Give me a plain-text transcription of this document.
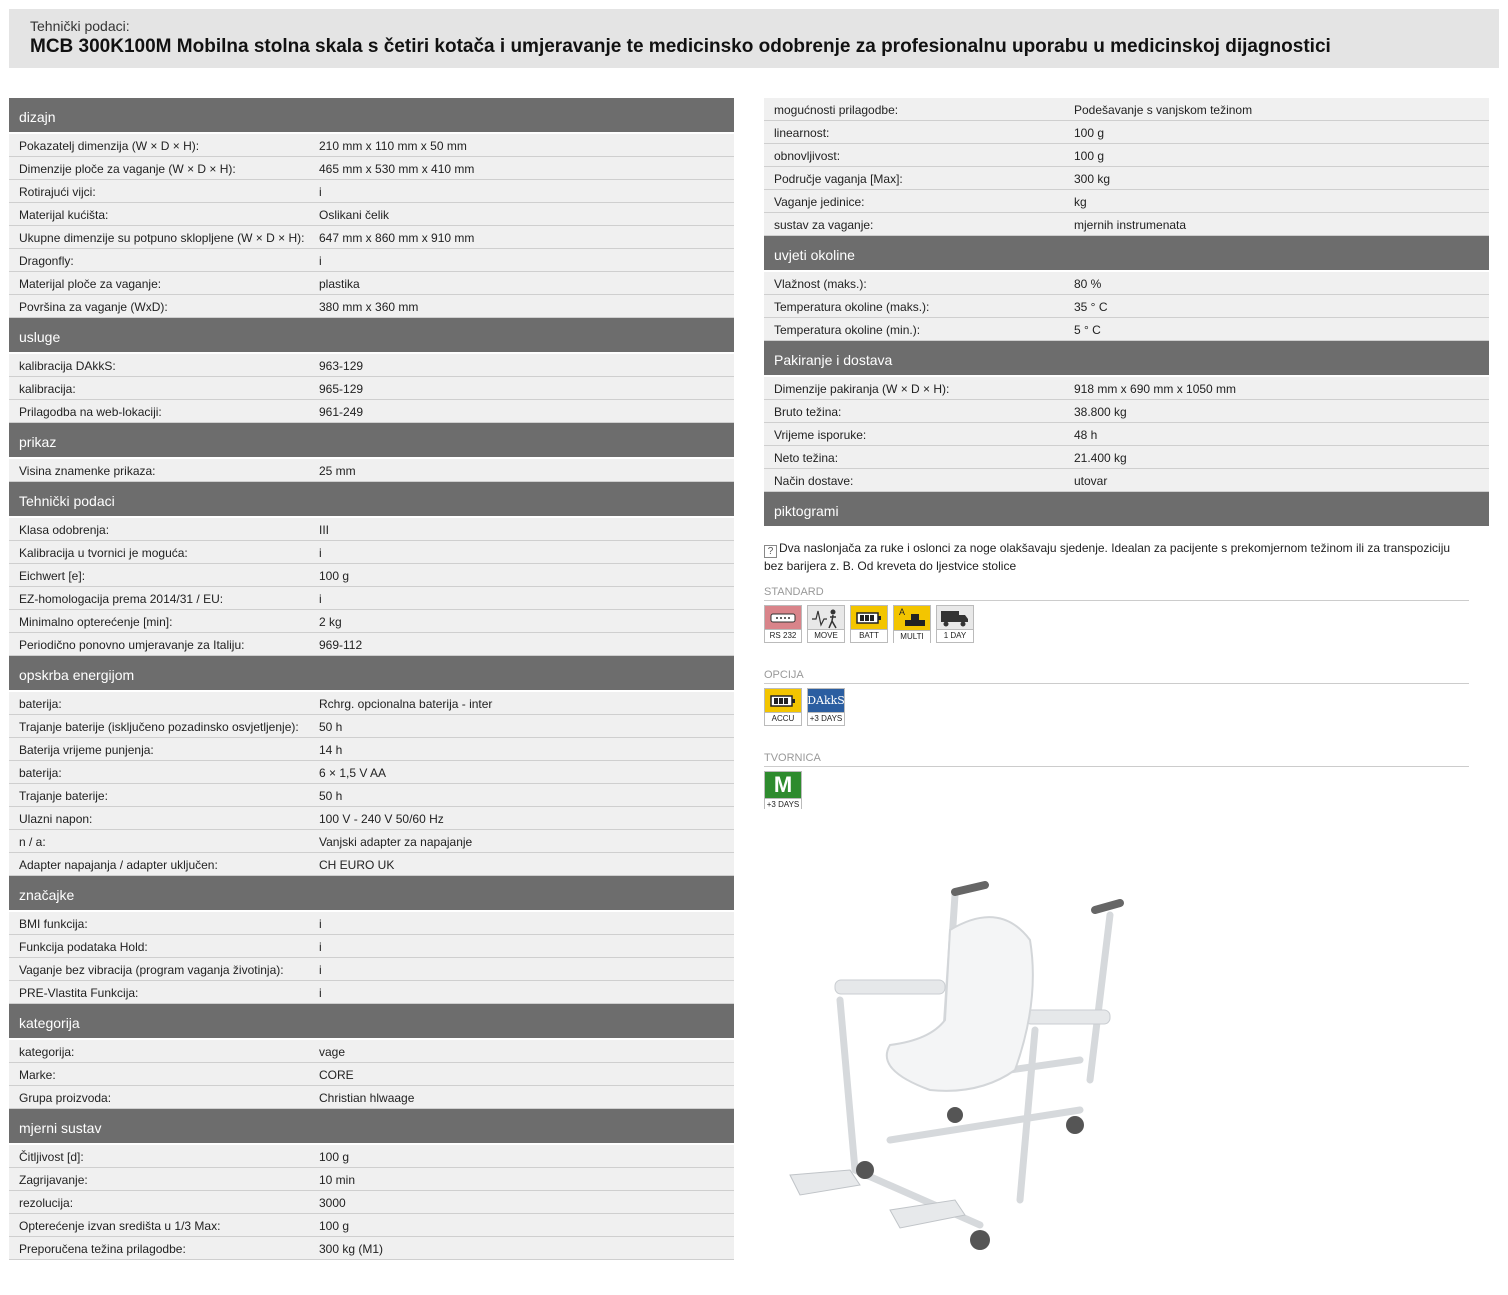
Tehnički podaci:
MCB 300K100M Mobilna stolna skala s četiri kotača i umjeravanje te medicinsko odobrenje za profesionalnu uporabu u medicinskoj dijagnostici
dizajn
Pokazatelj dimenzija (W × D × H):	210 mm x 110 mm x 50 mm
Dimenzije ploče za vaganje (W × D × H):	465 mm x 530 mm x 410 mm
Rotirajući vijci:	i
Materijal kućišta:	Oslikani čelik
Ukupne dimenzije su potpuno sklopljene (W × D × H): 647 mm x 860 mm x 910 mm
Dragonfly:	i
Materijal ploče za vaganje:	plastika
Površina za vaganje (WxD):	380 mm x 360 mm
usluge
kalibracija DAkkS:	963-129
kalibracija:	965-129
Prilagodba na web-lokaciji:	961-249
prikaz
Visina znamenke prikaza:	25 mm
Tehnički podaci
Klasa odobrenja:	III
Kalibracija u tvornici je moguća:	i
Eichwert [e]:	100 g
EZ-homologacija prema 2014/31 / EU:	i
Minimalno opterećenje [min]:	2 kg
Periodično ponovno umjeravanje za Italiju:	969-112
opskrba energijom
baterija:	Rchrg. opcionalna baterija - inter
Trajanje baterije (isključeno pozadinsko osvjetljenje): 50 h
Baterija vrijeme punjenja:	14 h
baterija:	6 × 1,5 V AA
Trajanje baterije:	50 h
Ulazni napon:	100 V - 240 V 50/60 Hz
n / a:	Vanjski adapter za napajanje
Adapter napajanja / adapter uključen:	CH EURO UK
značajke
BMI funkcija:	i
Funkcija podataka Hold:	i
Vaganje bez vibracija (program vaganja životinja):	i
PRE-Vlastita Funkcija:	i
kategorija
kategorija:	vage
Marke:	CORE
Grupa proizvoda:	Christian hlwaage
mjerni sustav
Čitljivost [d]:	100 g
Zagrijavanje:	10 min
rezolucija:	3000
Opterećenje izvan središta u 1/3 Max:	100 g
Preporučena težina prilagodbe:	300 kg (M1)
mogućnosti prilagodbe:	Podešavanje s vanjskom težinom
linearnost:	100 g
obnovljivost:	100 g
Područje vaganja [Max]:	300 kg
Vaganje jedinice:	kg
sustav za vaganje:	mjernih instrumenata
uvjeti okoline
Vlažnost (maks.):	80 %
Temperatura okoline (maks.):	35 ° C
Temperatura okoline (min.):	5 ° C
Pakiranje i dostava
Dimenzije pakiranja (W × D × H):	918 mm x 690 mm x 1050 mm
Bruto težina:	38.800 kg
Vrijeme isporuke:	48 h
Neto težina:	21.400 kg
Način dostave:	utovar
piktogrami
? Dva naslonjača za ruke i oslonci za noge olakšavaju sjedenje. Idealan za pacijente s prekomjernom težinom ili za transpoziciju bez barijera z. B. Od kreveta do ljestvice stolice
STANDARD
RS 232	MOVE	BATT
A
MULTI	1 DAY
OPCIJA
ACCU
DAkkS
+3 DAYS
TVORNICA
M
+3 DAYS
